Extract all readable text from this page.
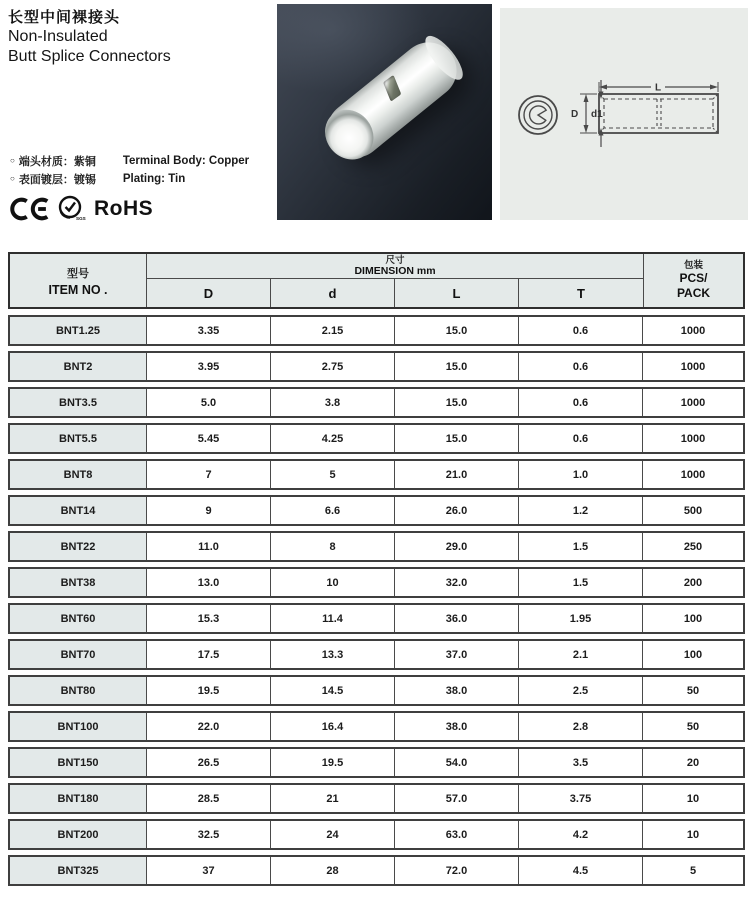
长型中间裸接头
Non-Insulated
Butt Splice Connectors
○ 端头材质：紫铜	Terminal Body: Copper
○ 表面镀层：镀锡	Plating: Tin
SGS RoHS
L
D d1
型号
ITEM NO .
尺寸
DIMENSION mm
D	d	L	T
包装
PCS/
PACK
BNT1.25	3.35	2.15	15.0	0.6	1000
BNT2	3.95	2.75	15.0	0.6	1000
BNT3.5	5.0	3.8	15.0	0.6	1000
BNT5.5	5.45	4.25	15.0	0.6	1000
BNT8	7	5	21.0	1.0	1000
BNT14	9	6.6	26.0	1.2	500
BNT22	11.0	8	29.0	1.5	250
BNT38	13.0	10	32.0	1.5	200
BNT60	15.3	11.4	36.0	1.95	100
BNT70	17.5	13.3	37.0	2.1	100
BNT80	19.5	14.5	38.0	2.5	50
BNT100	22.0	16.4	38.0	2.8	50
BNT150	26.5	19.5	54.0	3.5	20
BNT180	28.5	21	57.0	3.75	10
BNT200	32.5	24	63.0	4.2	10
BNT325	37	28	72.0	4.5	5
